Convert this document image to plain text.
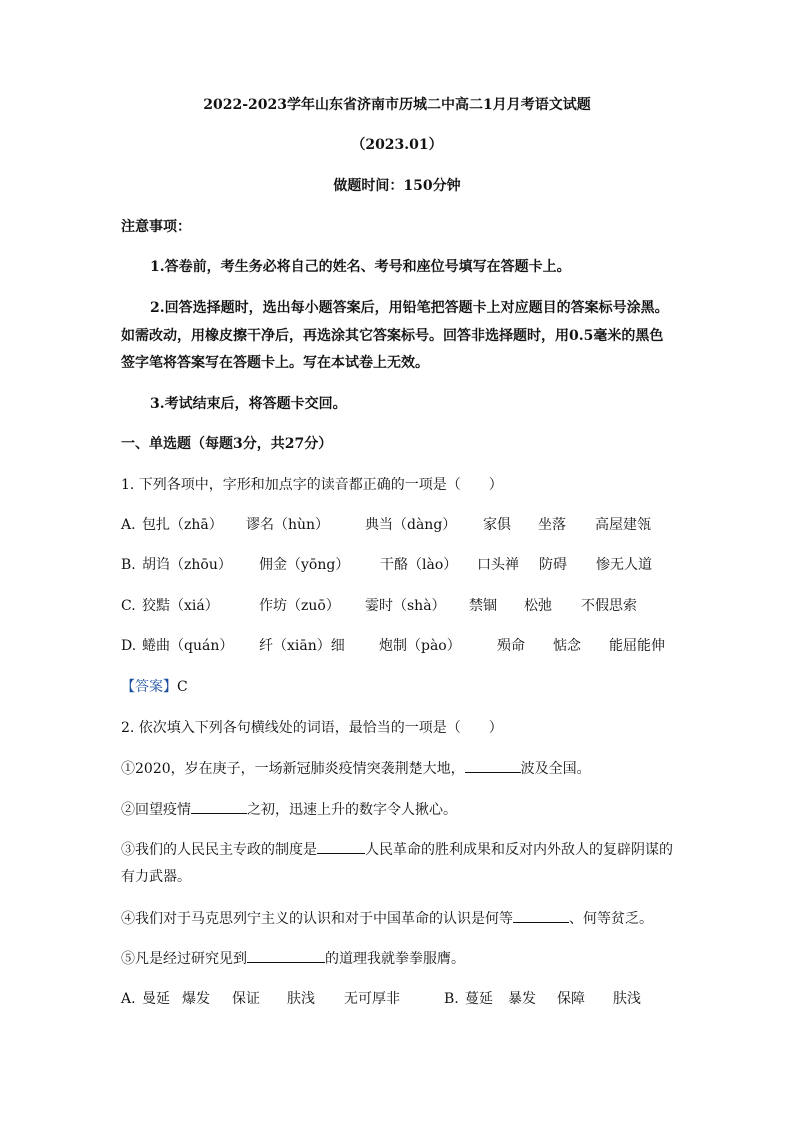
2022-2023学年山东省济南市历城二中高二1月月考语文试题
（2023.01）
做题时间：150分钟
注意事项：
1.答卷前，考生务必将自己的姓名、考号和座位号填写在答题卡上。
2.回答选择题时，选出每小题答案后，用铅笔把答题卡上对应题目的答案标号涂黑。
如需改动，用橡皮擦干净后，再选涂其它答案标号。回答非选择题时，用0.5毫米的黑色
签字笔将答案写在答题卡上。写在本试卷上无效。
3.考试结束后，将答题卡交回。
一、单选题（每题3分，共27分）
1. 下列各项中，字形和加点字的读音都正确的一项是（　　）
A. 包扎（zhā） 谬名（hùn）	典当（dàng） 家俱 坐落 高屋建瓴
B. 胡诌（zhōu） 佣金（yōng） 干酪（lào） 口头禅 防碍 惨无人道
C. 狡黠（xiá）	作坊（zuō） 霎时（shà） 禁锢 松弛 不假思索
D. 蜷曲（quán） 纤（xiān）细 炮制（pào）	殒命 惦念 能屈能伸
【答案】C
2. 依次填入下列各句横线处的词语，最恰当的一项是（　　）
①2020，岁在庚子，一场新冠肺炎疫情突袭荆楚大地，	波及全国。
②回望疫情	之初，迅速上升的数字令人揪心。
③我们的人民民主专政的制度是	人民革命的胜利成果和反对内外敌人的复辟阴谋的
有力武器。
④我们对于马克思列宁主义的认识和对于中国革命的认识是何等	、何等贫乏。
⑤凡是经过研究见到	的道理我就拳拳服膺。
A. 曼延 爆发 保证 肤浅 无可厚非	B. 蔓延 暴发 保障 肤浅
